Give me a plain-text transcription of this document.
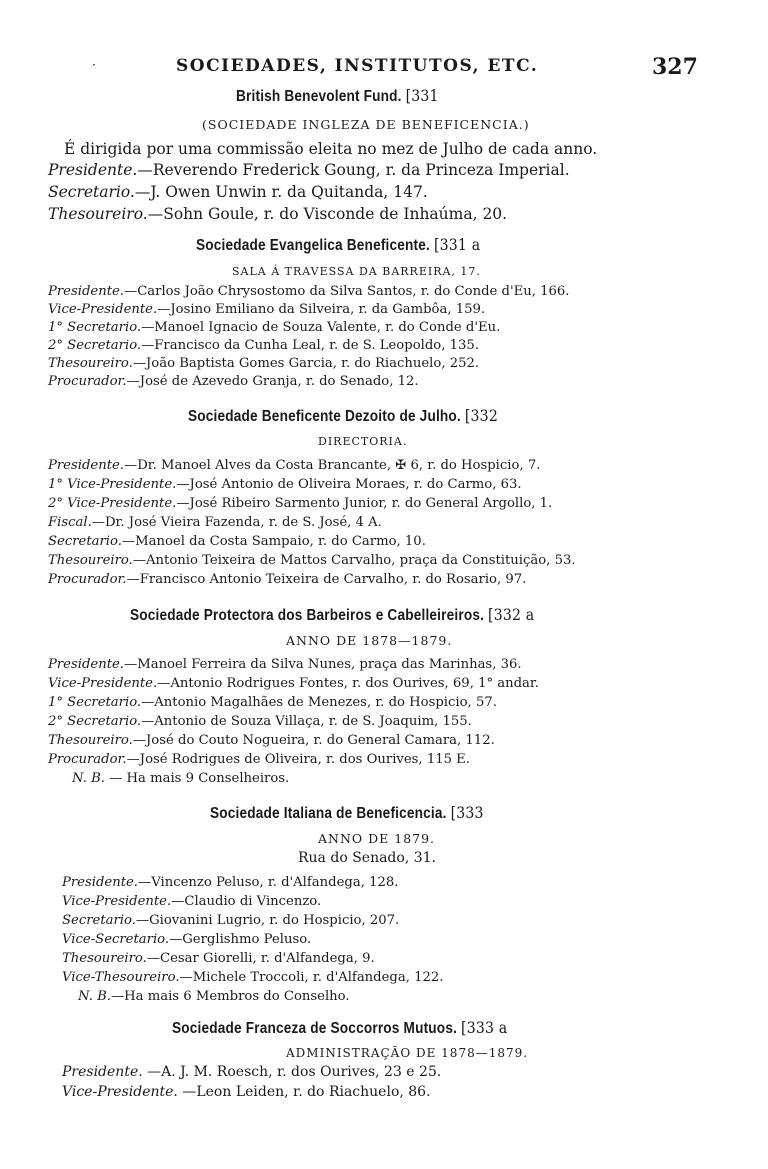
·	SOCIEDADES, INSTITUTOS, ETC.	327
British Benevolent Fund. [331
(SOCIEDADE INGLEZA DE BENEFICENCIA.)
É dirigida por uma commissão eleita no mez de Julho de cada anno.
Presidente.—Reverendo Frederick Goung, r. da Princeza Imperial.
Secretario.—J. Owen Unwin r. da Quitanda, 147.
Thesoureiro.—Sohn Goule, r. do Visconde de Inhaúma, 20.
Sociedade Evangelica Beneficente. [331 a
SALA Á TRAVESSA DA BARREIRA, 17.
Presidente.—Carlos João Chrysostomo da Silva Santos, r. do Conde d'Eu, 166.
Vice-Presidente.—Josino Emiliano da Silveira, r. da Gambôa, 159.
1° Secretario.—Manoel Ignacio de Souza Valente, r. do Conde d'Eu.
2° Secretario.—Francisco da Cunha Leal, r. de S. Leopoldo, 135.
Thesoureiro.—João Baptista Gomes Garcia, r. do Riachuelo, 252.
Procurador.—José de Azevedo Granja, r. do Senado, 12.
Sociedade Beneficente Dezoito de Julho. [332
DIRECTORIA.
Presidente.—Dr. Manoel Alves da Costa Brancante, ✠ 6, r. do Hospicio, 7.
1° Vice-Presidente.—José Antonio de Oliveira Moraes, r. do Carmo, 63.
2° Vice-Presidente.—José Ribeiro Sarmento Junior, r. do General Argollo, 1.
Fiscal.—Dr. José Vieira Fazenda, r. de S. José, 4 A.
Secretario.—Manoel da Costa Sampaio, r. do Carmo, 10.
Thesoureiro.—Antonio Teixeira de Mattos Carvalho, praça da Constituição, 53.
Procurador.—Francisco Antonio Teixeira de Carvalho, r. do Rosario, 97.
Sociedade Protectora dos Barbeiros e Cabelleireiros. [332 a
ANNO DE 1878—1879.
Presidente.—Manoel Ferreira da Silva Nunes, praça das Marinhas, 36.
Vice-Presidente.—Antonio Rodrigues Fontes, r. dos Ourives, 69, 1° andar.
1° Secretario.—Antonio Magalhães de Menezes, r. do Hospicio, 57.
2° Secretario.—Antonio de Souza Villaça, r. de S. Joaquim, 155.
Thesoureiro.—José do Couto Nogueira, r. do General Camara, 112.
Procurador.—José Rodrigues de Oliveira, r. dos Ourives, 115 E.
N. B. — Ha mais 9 Conselheiros.
Sociedade Italiana de Beneficencia. [333
ANNO DE 1879.
Rua do Senado, 31.
Presidente.—Vincenzo Peluso, r. d'Alfandega, 128.
Vice-Presidente.—Claudio di Vincenzo.
Secretario.—Giovanini Lugrio, r. do Hospicio, 207.
Vice-Secretario.—Gerglishmo Peluso.
Thesoureiro.—Cesar Giorelli, r. d'Alfandega, 9.
Vice-Thesoureiro.—Michele Troccoli, r. d'Alfandega, 122.
N. B.—Ha mais 6 Membros do Conselho.
Sociedade Franceza de Soccorros Mutuos. [333 a
ADMINISTRAÇÃO DE 1878—1879.
Presidente. —A. J. M. Roesch, r. dos Ourives, 23 e 25.
Vice-Presidente. —Leon Leiden, r. do Riachuelo, 86.
